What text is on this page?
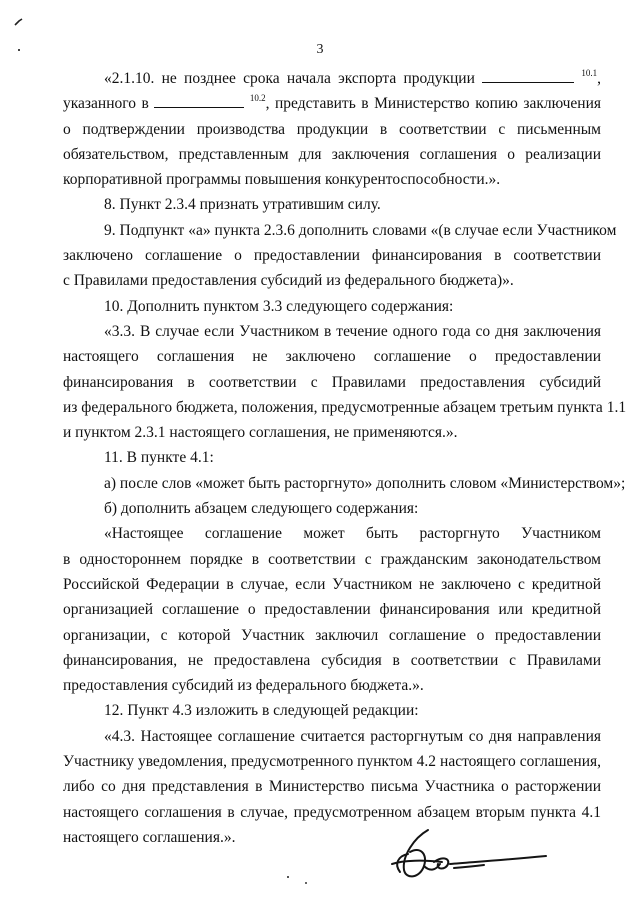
3

«2.1.10. не позднее срока начала экспорта продукции	$^{10.1}$,

указанного в	$^{10.2}$, представить в Министерство копию заключения

о подтверждении производства продукции в соответствии с письменным

обязательством, представленным для заключения соглашения о реализации

корпоративной программы повышения конкурентоспособности.».

8. Пункт 2.3.4 признать утратившим силу.

9. Подпункт «а» пункта 2.3.6 дополнить словами «(в случае если Участником

заключено соглашение о предоставлении финансирования в соответствии

с Правилами предоставления субсидий из федерального бюджета)».

10. Дополнить пунктом 3.3 следующего содержания:

«3.3. В случае если Участником в течение одного года со дня заключения

настоящего соглашения не заключено соглашение о предоставлении

финансирования в соответствии с Правилами предоставления субсидий

из федерального бюджета, положения, предусмотренные абзацем третьим пункта 1.1

и пунктом 2.3.1 настоящего соглашения, не применяются.».

11. В пункте 4.1:

а) после слов «может быть расторгнуто» дополнить словом «Министерством»;

б) дополнить абзацем следующего содержания:

«Настоящее соглашение может быть расторгнуто Участником

в одностороннем порядке в соответствии с гражданским законодательством

Российской Федерации в случае, если Участником не заключено с кредитной

организацией соглашение о предоставлении финансирования или кредитной

организации, с которой Участник заключил соглашение о предоставлении

финансирования, не предоставлена субсидия в соответствии с Правилами

предоставления субсидий из федерального бюджета.».

12. Пункт 4.3 изложить в следующей редакции:

«4.3. Настоящее соглашение считается расторгнутым со дня направления

Участнику уведомления, предусмотренного пунктом 4.2 настоящего соглашения,

либо со дня представления в Министерство письма Участника о расторжении

настоящего соглашения в случае, предусмотренном абзацем вторым пункта 4.1

настоящего соглашения.».
